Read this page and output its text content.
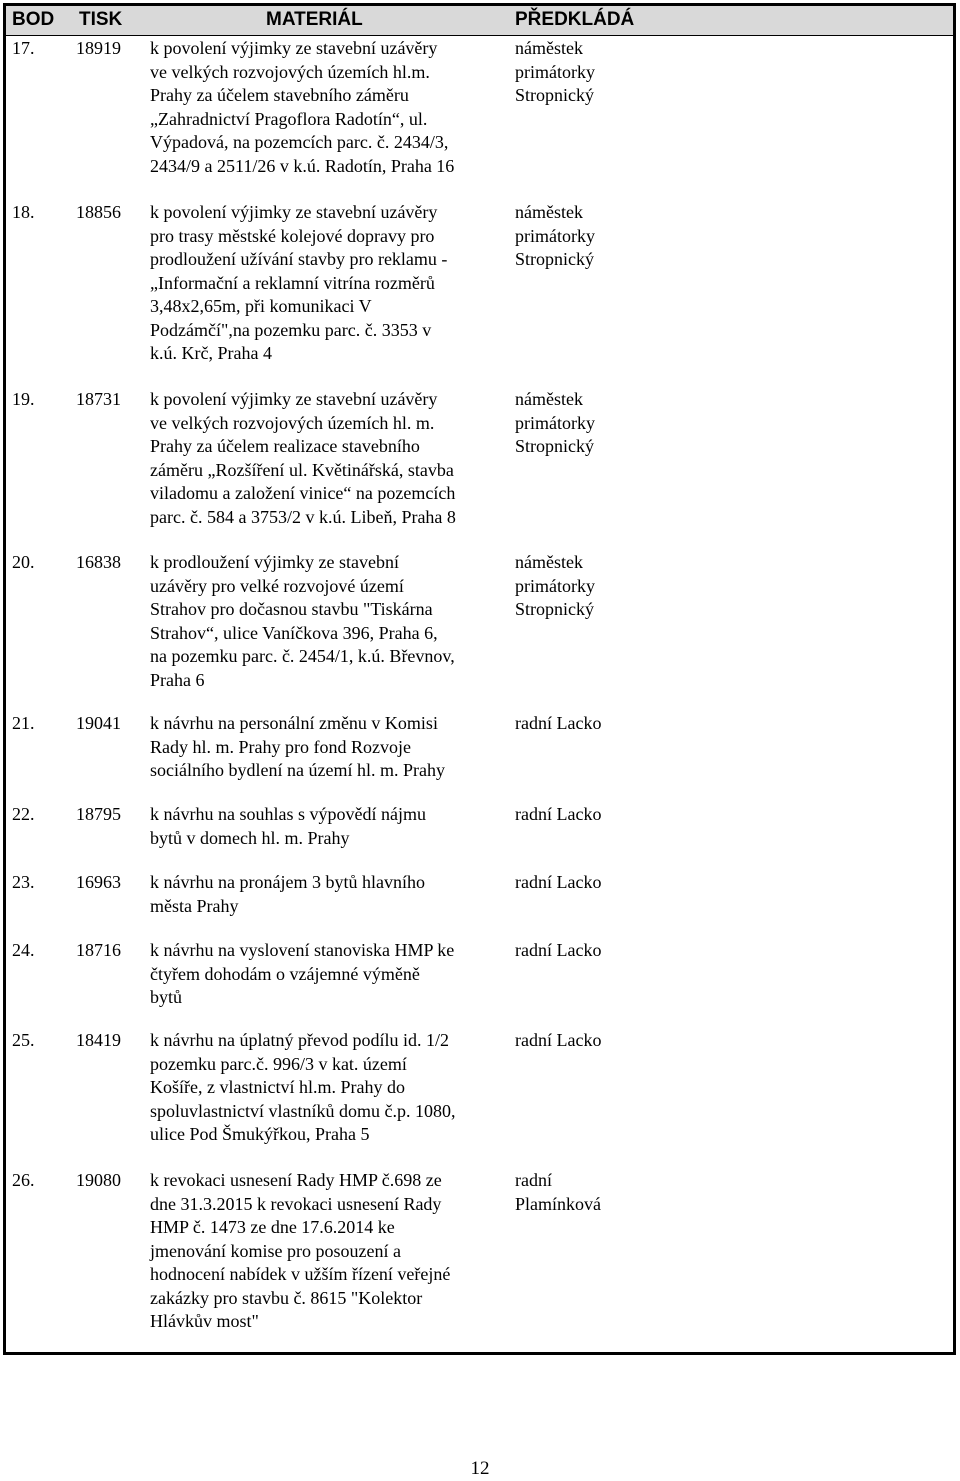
BOD TISK	MATERIÁL	PŘEDKLÁDÁ
17. 18919 k povolení výjimky ze stavební uzávěry
ve velkých rozvojových územích hl.m.
Prahy za účelem stavebního záměru
„Zahradnictví Pragoflora Radotín“, ul.
Výpadová, na pozemcích parc. č. 2434/3,
2434/9 a 2511/26 v k.ú. Radotín, Praha 16
náměstek
primátorky
Stropnický
18. 18856 k povolení výjimky ze stavební uzávěry
pro trasy městské kolejové dopravy pro
prodloužení užívání stavby pro reklamu -
„Informační a reklamní vitrína rozměrů
3,48x2,65m, při komunikaci V
Podzámčí",na pozemku parc. č. 3353 v
k.ú. Krč, Praha 4
náměstek
primátorky
Stropnický
19. 18731 k povolení výjimky ze stavební uzávěry
ve velkých rozvojových územích hl. m.
Prahy za účelem realizace stavebního
záměru „Rozšíření ul. Květinářská, stavba
viladomu a založení vinice“ na pozemcích
parc. č. 584 a 3753/2 v k.ú. Libeň, Praha 8
náměstek
primátorky
Stropnický
20. 16838 k prodloužení výjimky ze stavební
uzávěry pro velké rozvojové území
Strahov pro dočasnou stavbu "Tiskárna
Strahov“, ulice Vaníčkova 396, Praha 6,
na pozemku parc. č. 2454/1, k.ú. Břevnov,
Praha 6
náměstek
primátorky
Stropnický
21. 19041 k návrhu na personální změnu v Komisi
Rady hl. m. Prahy pro fond Rozvoje
sociálního bydlení na území hl. m. Prahy
radní Lacko
22. 18795 k návrhu na souhlas s výpovědí nájmu
bytů v domech hl. m. Prahy
radní Lacko
23. 16963 k návrhu na pronájem 3 bytů hlavního
města Prahy
radní Lacko
24. 18716 k návrhu na vyslovení stanoviska HMP ke
čtyřem dohodám o vzájemné výměně
bytů
radní Lacko
25. 18419 k návrhu na úplatný převod podílu id. 1/2
pozemku parc.č. 996/3 v kat. území
Košíře, z vlastnictví hl.m. Prahy do
spoluvlastnictví vlastníků domu č.p. 1080,
ulice Pod Šmukýřkou, Praha 5
radní Lacko
26. 19080 k revokaci usnesení Rady HMP č.698 ze
dne 31.3.2015 k revokaci usnesení Rady
HMP č. 1473 ze dne 17.6.2014 ke
jmenování komise pro posouzení a
hodnocení nabídek v užším řízení veřejné
zakázky pro stavbu č. 8615 "Kolektor
Hlávkův most"
radní
Plamínková
12
